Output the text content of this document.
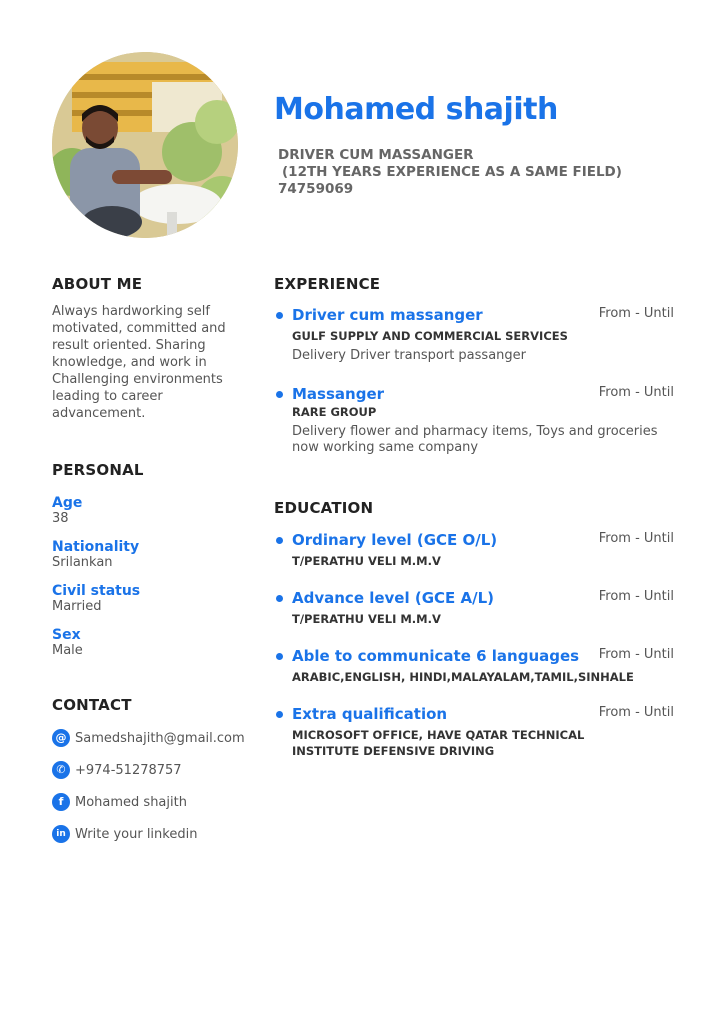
Mohamed shajith
DRIVER CUM MASSANGER
(12TH YEARS EXPERIENCE AS A SAME FIELD)
74759069
ABOUT ME
Always hardworking self motivated, committed and result oriented. Sharing knowledge, and work in Challenging environments leading to career advancement.
PERSONAL
Age
38
Nationality
Srilankan
Civil status
Married
Sex
Male
CONTACT
@ Samedshajith@gmail.com
✆ +974-51278757
f Mohamed shajith
in Write your linkedin
EXPERIENCE
Driver cum massanger	From - Until
GULF SUPPLY AND COMMERCIAL SERVICES
Delivery Driver transport passanger
Massanger	From - Until
RARE GROUP
Delivery flower and pharmacy items, Toys and groceries now working same company
EDUCATION
Ordinary level (GCE O/L)	From - Until
T/PERATHU VELI M.M.V
Advance level (GCE A/L)	From - Until
T/PERATHU VELI M.M.V
Able to communicate 6 languages	From - Until
ARABIC,ENGLISH, HINDI,MALAYALAM,TAMIL,SINHALE
Extra qualification	From - Until
MICROSOFT OFFICE, HAVE QATAR TECHNICAL INSTITUTE DEFENSIVE DRIVING
